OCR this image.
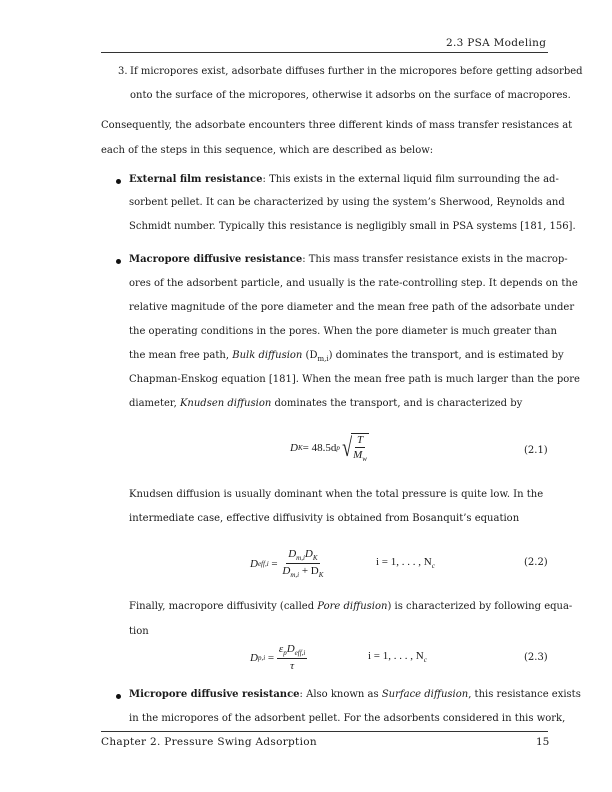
2.3 PSA Modeling
3. If micropores exist, adsorbate diffuses further in the micropores before getting adsorbed
onto the surface of the micropores, otherwise it adsorbs on the surface of macropores.
Consequently, the adsorbate encounters three different kinds of mass transfer resistances at
each of the steps in this sequence, which are described as below:
External film resistance: This exists in the external liquid film surrounding the ad-
sorbent pellet. It can be characterized by using the system’s Sherwood, Reynolds and
Schmidt number. Typically this resistance is negligibly small in PSA systems [181, 156].
Macropore diffusive resistance: This mass transfer resistance exists in the macrop-
ores of the adsorbent particle, and usually is the rate-controlling step. It depends on the
relative magnitude of the pore diameter and the mean free path of the adsorbate under
the operating conditions in the pores. When the pore diameter is much greater than
the mean free path, Bulk diffusion $(D_{m,i})$ dominates the transport, and is estimated by
Chapman-Enskog equation [181]. When the mean free path is much larger than the pore
diameter, Knudsen diffusion dominates the transport, and is characterized by
D K = 48.5d p √ $\frac{T}{M_w}$	(2.1)
Knudsen diffusion is usually dominant when the total pressure is quite low. In the
intermediate case, effective diffusivity is obtained from Bosanquit’s equation
D $eff,i = \frac{D_{m,i}D_K}{D_{m,i} + D_K}$	i = 1, . . . , $N_c$	(2.2)
Finally, macropore diffusivity (called Pore diffusion) is characterized by following equa-
tion
D $p,i = \frac{\varepsilon_pD_{eff,i}}{\tau}$	i = 1, . . . , $N_c$	(2.3)
Micropore diffusive resistance: Also known as Surface diffusion, this resistance exists
in the micropores of the adsorbent pellet. For the adsorbents considered in this work,
Chapter 2. Pressure Swing Adsorption	15
